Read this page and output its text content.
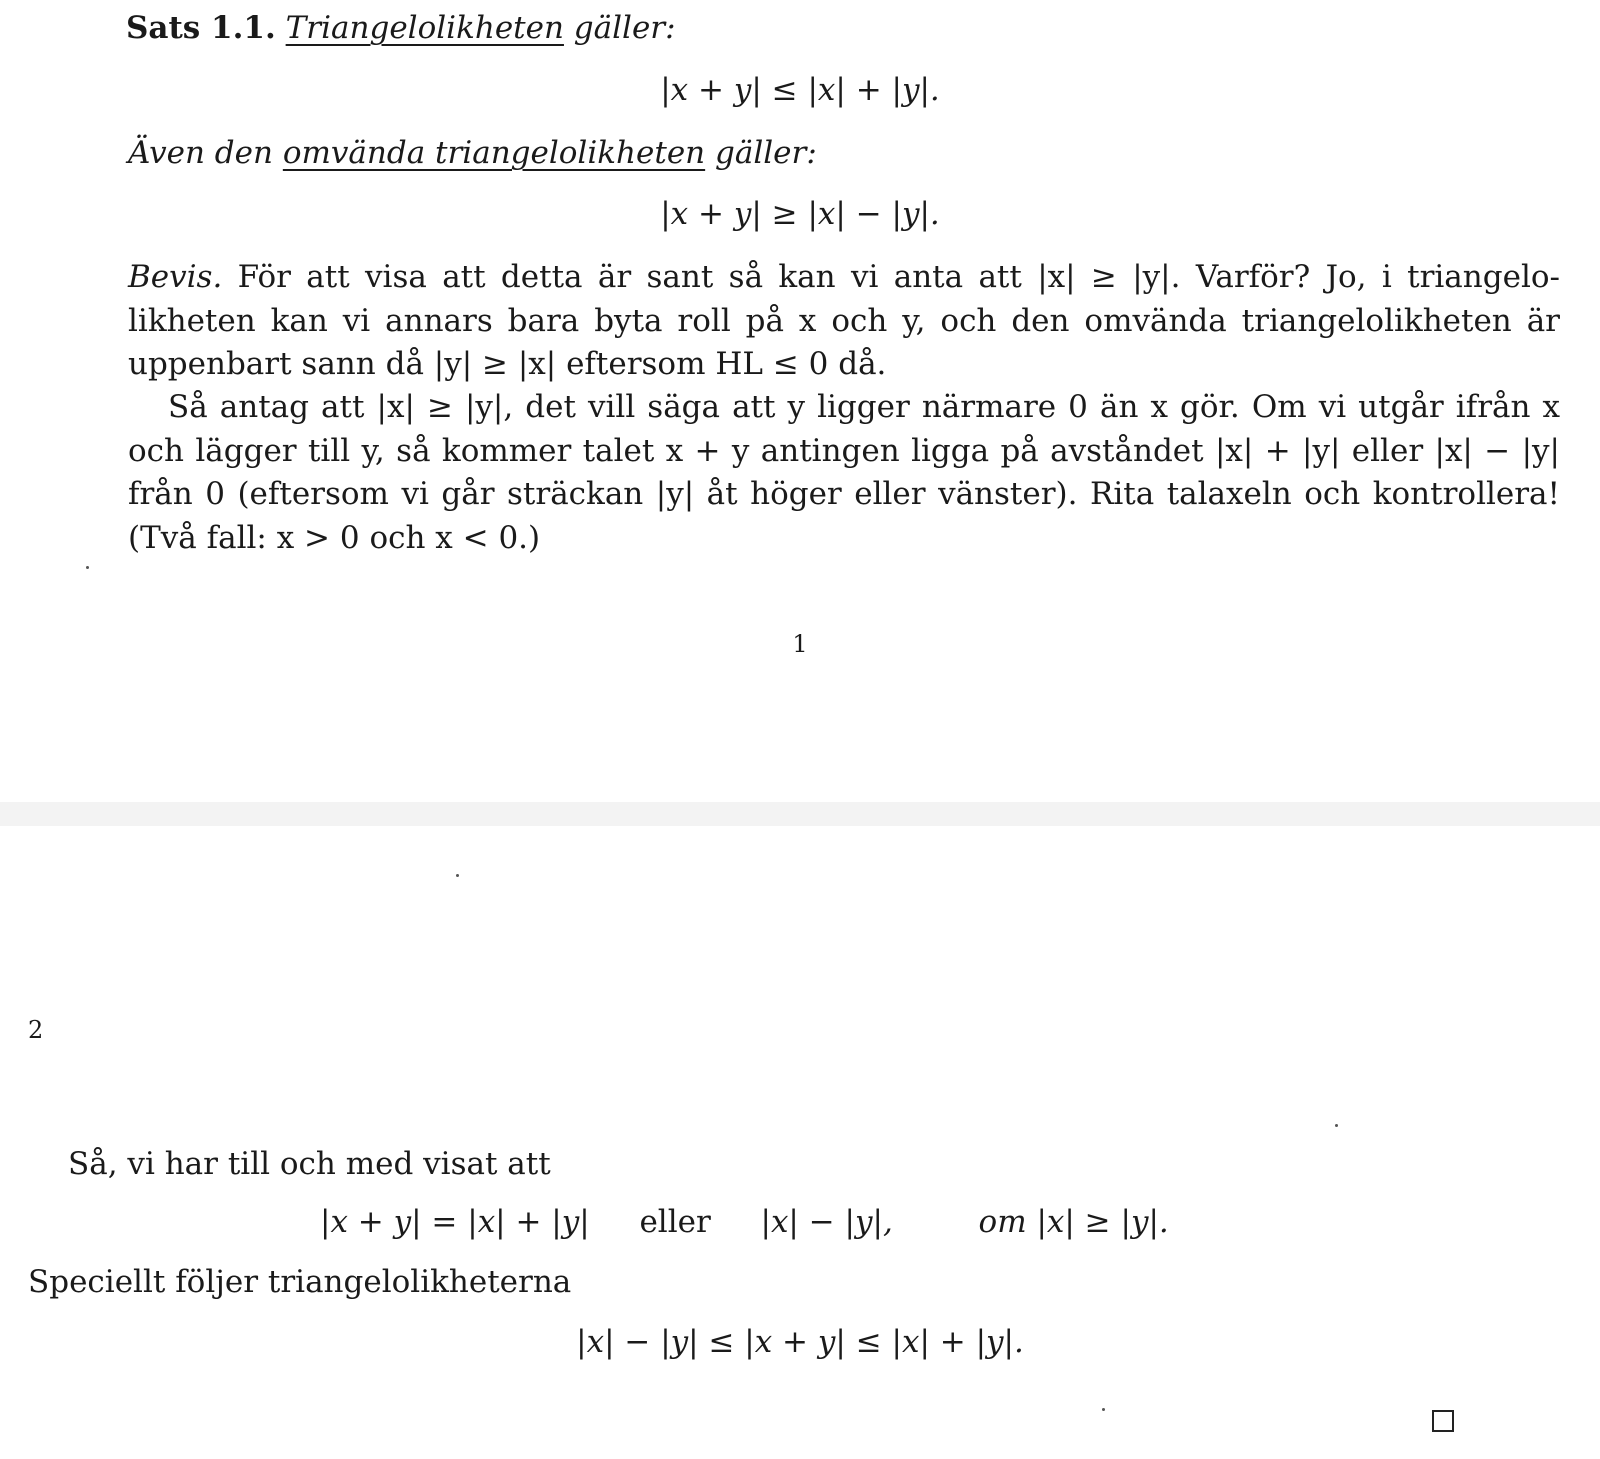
Sats 1.1. Triangelolikheten gäller:
|x + y| ≤ |x| + |y|.
Även den omvända triangelolikheten gäller:
|x + y| ≥ |x| − |y|.
Bevis. För att visa att detta är sant så kan vi anta att |x| ≥ |y|. Varför? Jo, i triangelo-
likheten kan vi annars bara byta roll på x och y, och den omvända triangelolikheten är
uppenbart sann då |y| ≥ |x| eftersom HL ≤ 0 då.
Så antag att |x| ≥ |y|, det vill säga att y ligger närmare 0 än x gör. Om vi utgår ifrån x
och lägger till y, så kommer talet x + y antingen ligga på avståndet |x| + |y| eller |x| − |y|
från 0 (eftersom vi går sträckan |y| åt höger eller vänster). Rita talaxeln och kontrollera!
(Två fall: x > 0 och x < 0.)
1
2
Så, vi har till och med visat att
|x + y| = |x| + |y| eller |x| − |y|,	om |x| ≥ |y|.
Speciellt följer triangelolikheterna
|x| − |y| ≤ |x + y| ≤ |x| + |y|.
